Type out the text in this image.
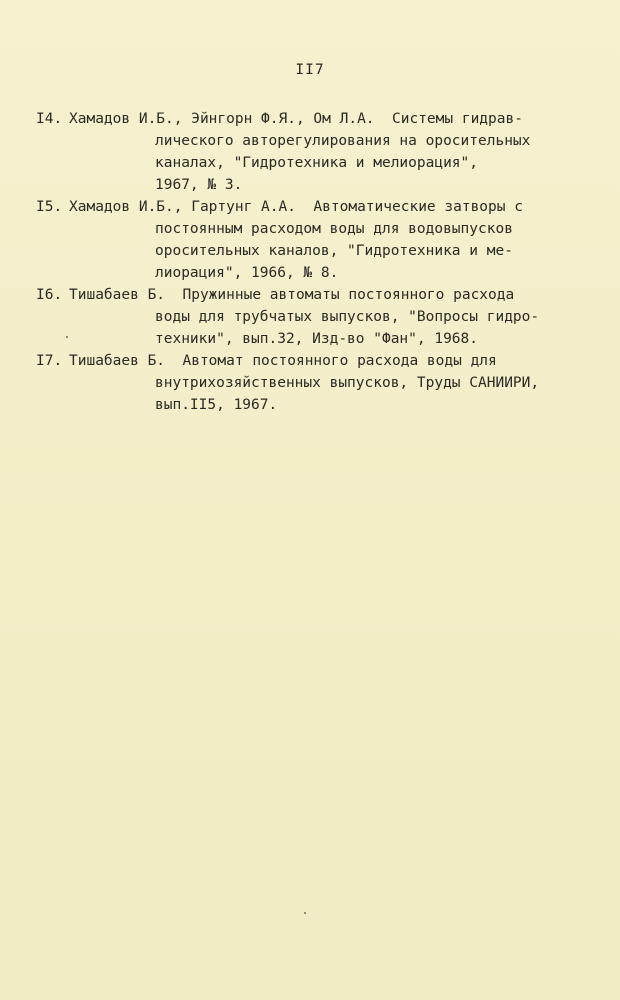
II7
I4. Хамадов И.Б., Эйнгорн Ф.Я., Ом Л.А.  Системы гидрав-
лического авторегулирования на оросительных
каналах, "Гидротехника и мелиорация",
1967, № 3.
I5. Хамадов И.Б., Гартунг А.А.  Автоматические затворы с
постоянным расходом воды для водовыпусков
оросительных каналов, "Гидротехника и ме-
лиорация", 1966, № 8.
I6. Тишабаев Б.  Пружинные автоматы постоянного расхода
воды для трубчатых выпусков, "Вопросы гидро-
техники", вып.32, Изд-во "Фан", 1968.
I7. Тишабаев Б.  Автомат постоянного расхода воды для
внутрихозяйственных выпусков, Труды САНИИРИ,
вып.II5, 1967.
